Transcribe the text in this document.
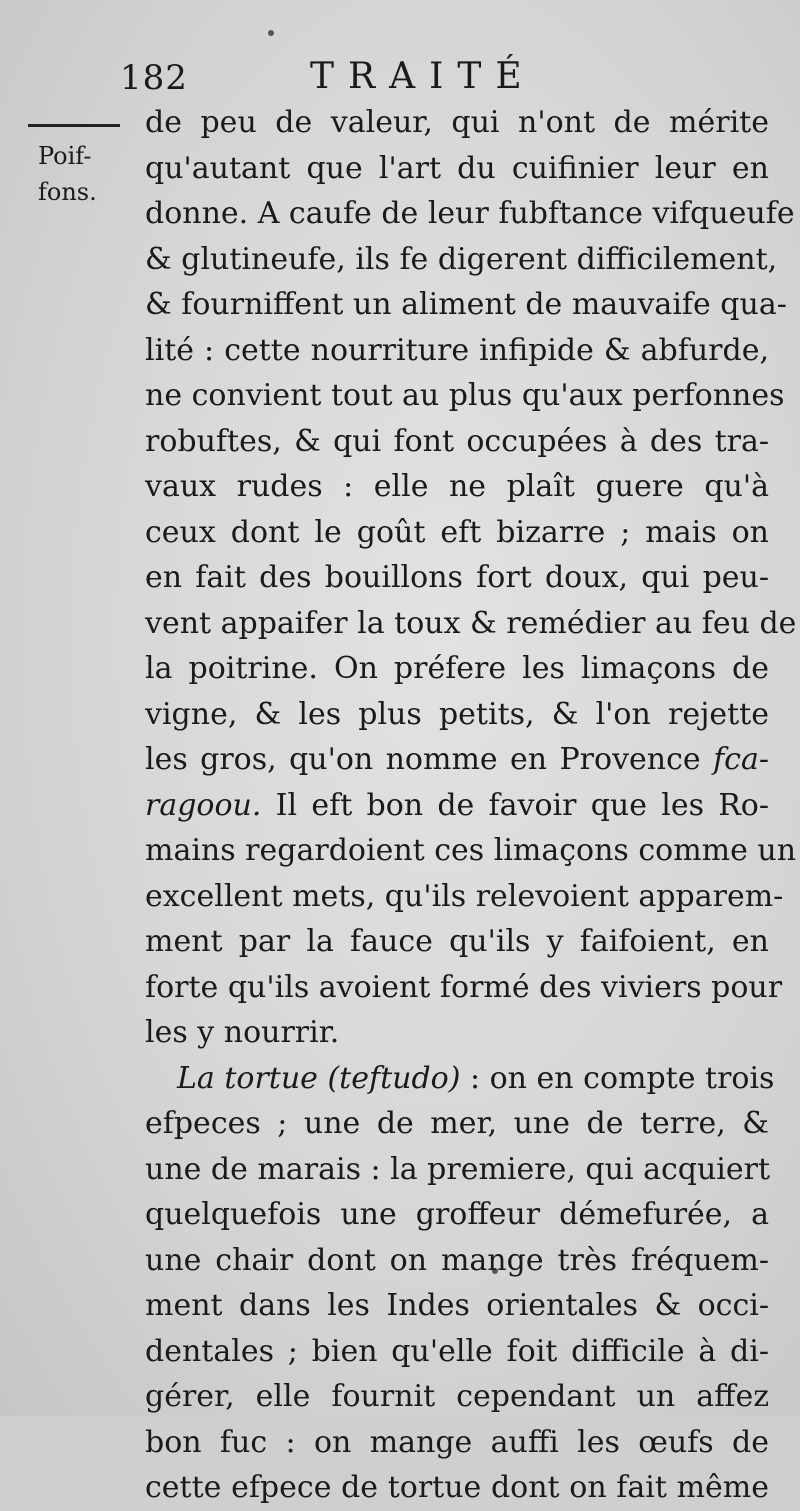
182	TRAITÉ
Poif-
fons.
de peu de valeur, qui n'ont de mérite
qu'autant que l'art du cuifinier leur en
donne. A caufe de leur fubftance vifqueufe
& glutineufe, ils fe digerent difficilement,
& fourniffent un aliment de mauvaife qua-
lité : cette nourriture infipide & abfurde,
ne convient tout au plus qu'aux perfonnes
robuftes, & qui font occupées à des tra-
vaux rudes : elle ne plaît guere qu'à
ceux dont le goût eft bizarre ; mais on
en fait des bouillons fort doux, qui peu-
vent appaifer la toux & remédier au feu de
la poitrine. On préfere les limaçons de
vigne, & les plus petits, & l'on rejette
les gros, qu'on nomme en Provence fca-
ragoou. Il eft bon de favoir que les Ro-
mains regardoient ces limaçons comme un
excellent mets, qu'ils relevoient apparem-
ment par la fauce qu'ils y faifoient, en
forte qu'ils avoient formé des viviers pour
les y nourrir.
La tortue (teftudo) : on en compte trois
efpeces ; une de mer, une de terre, &
une de marais : la premiere, qui acquiert
quelquefois une groffeur démefurée, a
une chair dont on mange très fréquem-
ment dans les Indes orientales & occi-
dentales ; bien qu'elle foit difficile à di-
gérer, elle fournit cependant un affez
bon fuc : on mange auffi les œufs de
cette efpece de tortue dont on fait même
